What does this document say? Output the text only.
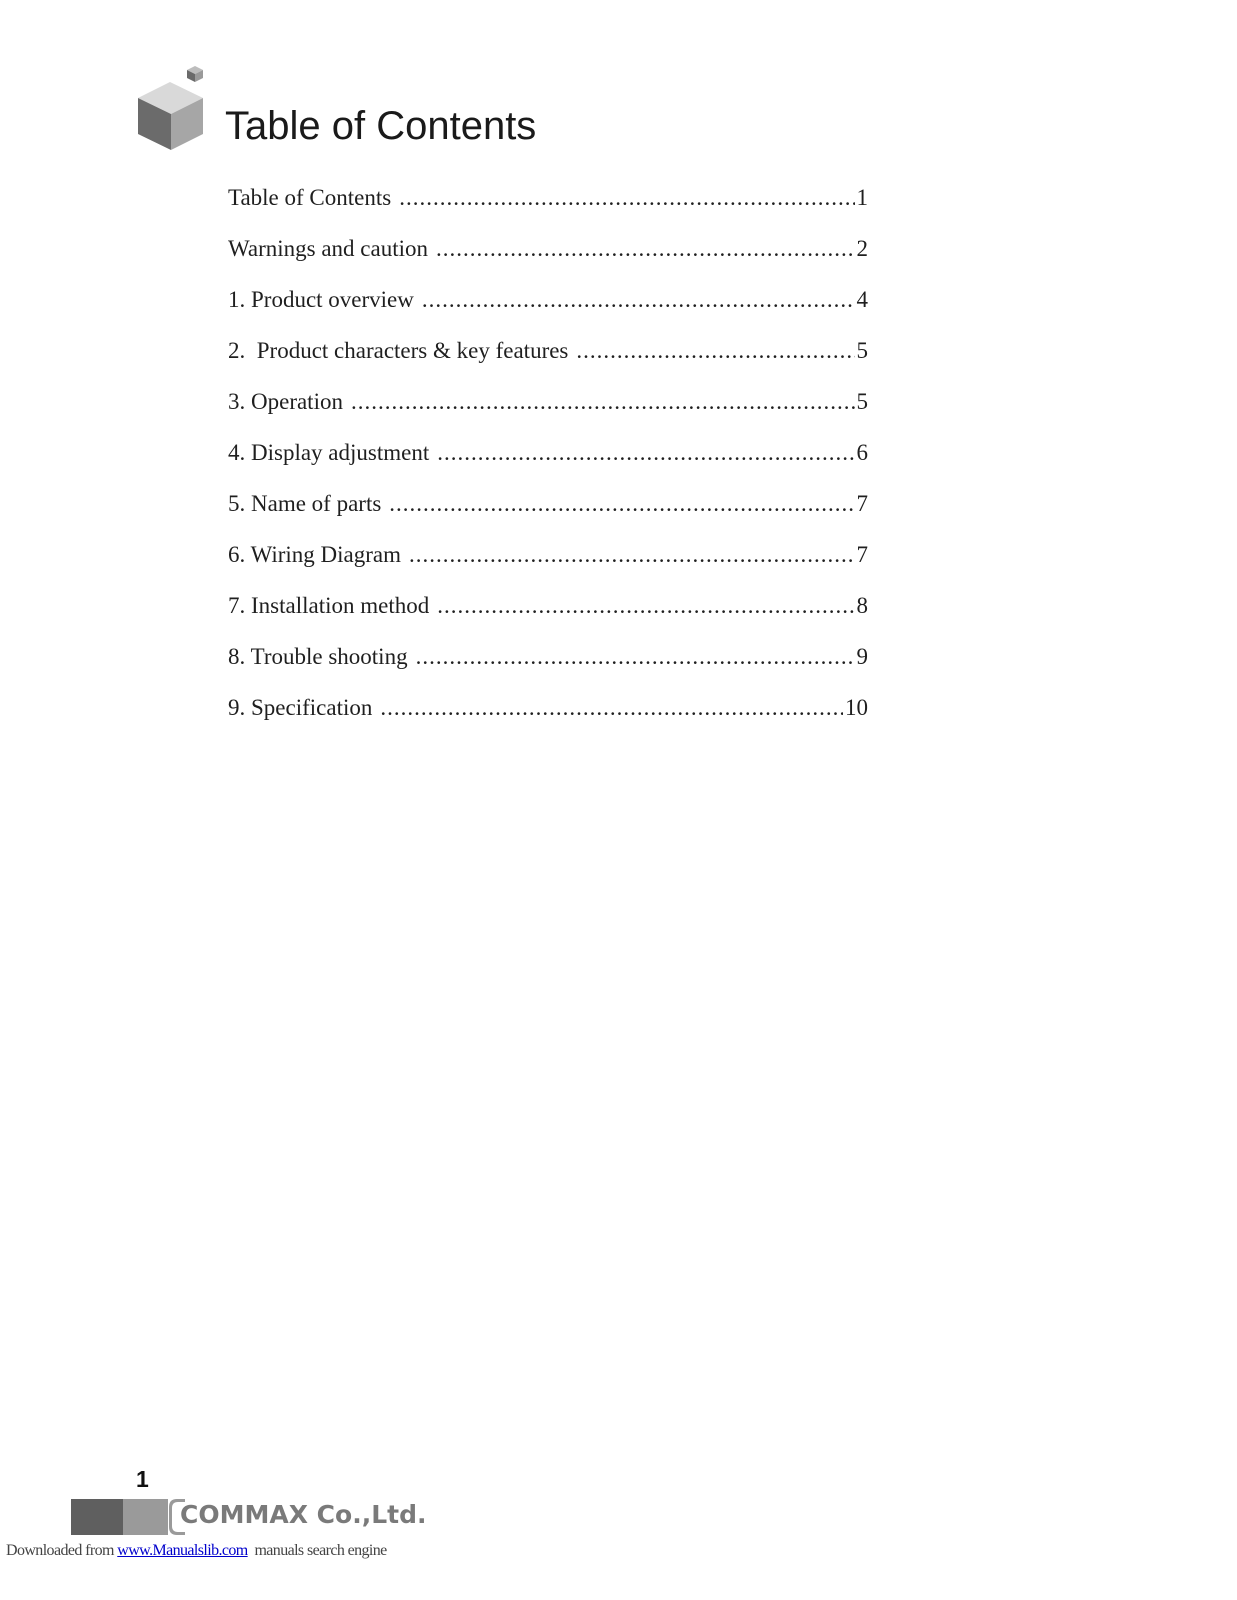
Table of Contents
Table of Contents .....	1
Warnings and caution .....	2
1. Product overview .....	4
2.  Product characters & key features .....	5
3. Operation .....	5
4. Display adjustment .....	6
5. Name of parts .....	7
6. Wiring Diagram .....	7
7. Installation method .....	8
8. Trouble shooting .....	9
9. Specification .....	10
1
COMMAX Co.,Ltd.
Downloaded from www.Manualslib.com  manuals search engine
